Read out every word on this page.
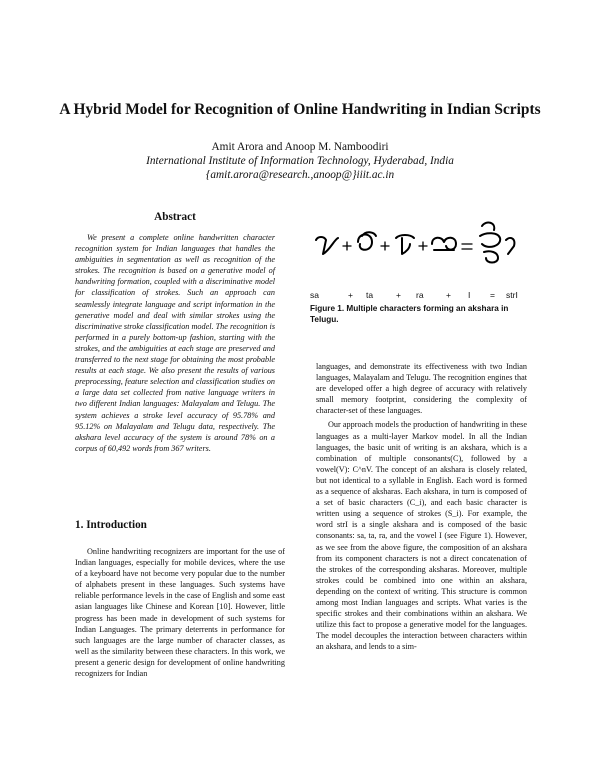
A Hybrid Model for Recognition of Online Handwriting in Indian Scripts
Amit Arora and Anoop M. Namboodiri
International Institute of Information Technology, Hyderabad, India
{amit.arora@research.,anoop@}iiit.ac.in
Abstract

We present a complete online handwritten character recognition system for Indian languages that handles the ambiguities in segmentation as well as recognition of the strokes. The recognition is based on a generative model of handwriting formation, coupled with a discriminative model for classification of strokes. Such an approach can seamlessly integrate language and script information in the generative model and deal with similar strokes using the discriminative stroke classification model. The recognition is performed in a purely bottom-up fashion, starting with the strokes, and the ambiguities at each stage are preserved and transferred to the next stage for obtaining the most probable results at each stage. We also present the results of various preprocessing, feature selection and classification studies on a large data set collected from native language writers in two different Indian languages: Malayalam and Telugu. The system achieves a stroke level accuracy of 95.78% and 95.12% on Malayalam and Telugu data, respectively. The akshara level accuracy of the system is around 78% on a corpus of 60,492 words from 367 writers.

1. Introduction

Online handwriting recognizers are important for the use of Indian languages, especially for mobile devices, where the use of a keyboard have not become very popular due to the number of alphabets present in these languages. Such systems have reliable performance levels in the case of English and some east asian languages like Chinese and Korean [10]. However, little progress has been made in development of such systems for Indian Languages. The primary deterrents in performance for such languages are the large number of character classes, as well as the similarity between these characters. In this work, we present a generic design for development of online handwriting recognizers for Indian

sa	+ ta	+ ra	+ I = strI

Figure 1. Multiple characters forming an akshara in Telugu.

languages, and demonstrate its effectiveness with two Indian languages, Malayalam and Telugu. The recognition engines that are developed offer a high degree of accuracy with relatively small memory footprint, considering the complexity of character-set of these languages.

Our approach models the production of handwriting in these languages as a multi-layer Markov model. In all the Indian languages, the basic unit of writing is an akshara, which is a combination of multiple consonants(C), followed by a vowel(V): C^nV. The concept of an akshara is closely related, but not identical to a syllable in English. Each word is formed as a sequence of aksharas. Each akshara, in turn is composed of a set of basic characters (C_i), and each basic character is written using a sequence of strokes (S_i). For example, the word strI is a single akshara and is composed of the basic consonants: sa, ta, ra, and the vowel I (see Figure 1). However, as we see from the above figure, the composition of an akshara from its component characters is not a direct concatenation of the strokes of the corresponding aksharas. Moreover, multiple strokes could be combined into one within an akshara, depending on the context of writing. This structure is common among most Indian languages and scripts. What varies is the specific strokes and their combinations within an akshara. We utilize this fact to propose a generative model for the languages. The model decouples the interaction between characters within an akshara, and lends to a sim-
